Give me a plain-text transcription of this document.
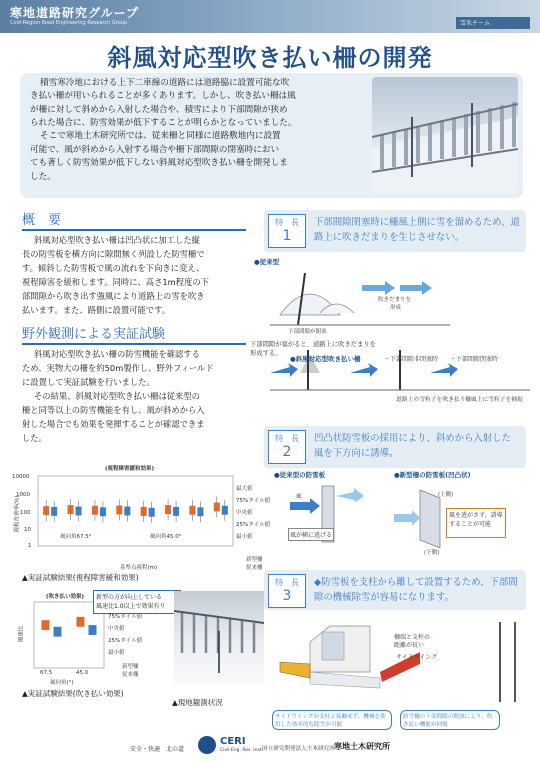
寒地道路研究グループ
Cold-Region Road Engineering Research Group	雪氷チーム
斜風対応型吹き払い柵の開発

積雪寒冷地における上下二車線の道路には道路脇に設置可能な吹

き払い柵が用いられることが多くあります。しかし、吹き払い柵は風

が柵に対して斜めから入射した場合や、積雪により下部間隙が狭め

られた場合に、防雪効果が低下することが明らかとなっていました。

そこで寒地土木研究所では、従来柵と同様に道路敷地内に設置

可能で、風が斜めから入射する場合や柵下部間隙の閉塞時におい

ても著しく防雪効果が低下しない斜風対応型吹き払い柵を開発しま

した。

概　要
斜風対応型吹き払い柵は凹凸状に加工した縦
長の防雪板を横方向に隙間無く列設した防雪柵で
す。傾斜した防雪板で風の流れを下向きに変え、
視程障害を緩和します。同時に、高さ1m程度の下
部間隙から吹き出す強風により道路上の雪を吹き
払います。また、路側に設置可能です。
野外観測による実証試験
斜風対応型吹き払い柵の防雪機能を確認する
ため、実物大の柵を約50m製作し、野外フィールド
に設置して実証試験を行いました。
その結果、斜風対応型吹き払い柵は従来型の
柵と同等以上の防雪機能を有し、風が斜めから入
射した場合でも効果を発揮することが確認できま
した。
(視程障害緩和効果)
視程改善率(%)
10000
1000
100
10
1
風向角67.5°	風向角45.0°
最大値
75%タイル値
中央値
25%タイル値
最小値
新型柵
従来柵
基準点視程(m)
▲実証試験結果(視程障害緩和効果)
(吹き払い効果)
風速比
67.5	45.0
風向角(°)
75%タイル値
中央値
25%タイル値
最小値
新型柵
従来柵
新型の方が向上している
風速比1.0以上で効果有り
▲実証試験結果(吹き払い効果)
▲現地観測状況
特　長
1
下部間隙閉塞時に柵風上側に雪を溜めるため、道路上に吹きだまりを生じさせない。
●従来型
吹きだまりを
形成
下部間隙が閉塞
下部間隙が塞がると、道路上に吹きだまりを
形成する。
●斜風対応型吹き払い柵	・下部間隙非閉塞時 ・下部間隙閉塞時
道路上の雪粒子を吹き払う 柵風上に雪粒子を捕捉
特　長
2
凹凸状防雪板の採用により、斜めから入射した風を下方向に誘導。
●従来型の防雪板	●新型柵の防雪板(凹凸状)
風
風が横に逃げる
(上側)
(下側)
風を逃がさず、誘導することが可能
特　長
3
◆防雪板を支柱から離して設置するため、下部間隙の機械除雪が容易になります。
柵端と支柱の
距離が長い
サイドウイング
サイドウイングが支柱と接触せず、機械を使用した効率的な除雪が可能
防雪柵の下部間隙の開放により、吹き払い機能が回復
安全・快適　北の道
CERI
Civil Eng. Res. Inst.
国立研究開発法人土木研究所 寒地土木研究所
